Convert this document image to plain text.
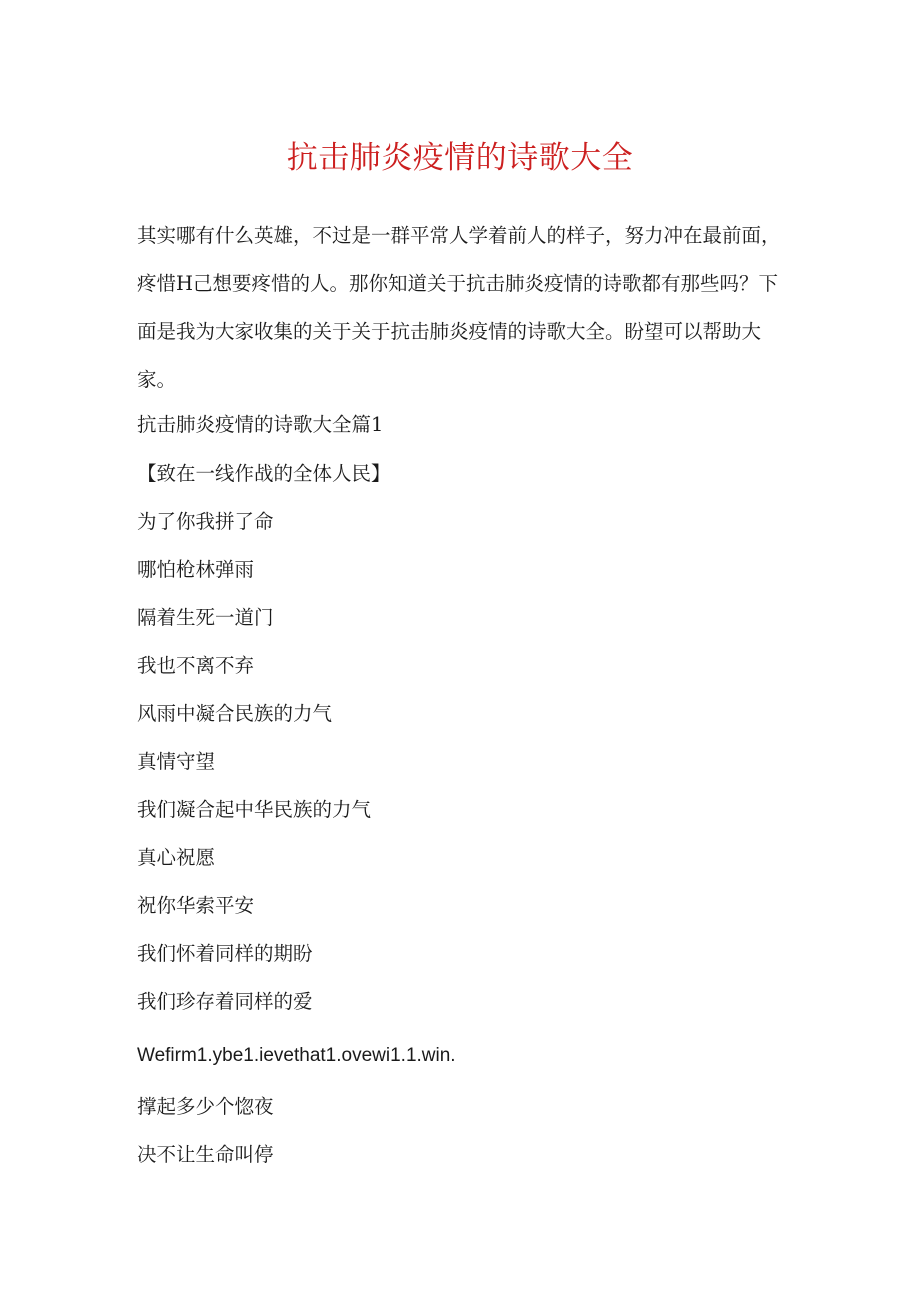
抗击肺炎疫情的诗歌大全
其实哪有什么英雄，不过是一群平常人学着前人的样子，努力冲在最前面，疼惜H己想要疼惜的人。那你知道关于抗击肺炎疫情的诗歌都有那些吗？下面是我为大家收集的关于关于抗击肺炎疫情的诗歌大全。盼望可以帮助大家。
抗击肺炎疫情的诗歌大全篇1
【致在一线作战的全体人民】
为了你我拼了命
哪怕枪林弹雨
隔着生死一道门
我也不离不弃
风雨中凝合民族的力气
真情守望
我们凝合起中华民族的力气
真心祝愿
祝你华索平安
我们怀着同样的期盼
我们珍存着同样的爱
Wefirm1.ybe1.ievethat1.ovewi1.1.win.
撑起多少个惚夜
决不让生命叫停
